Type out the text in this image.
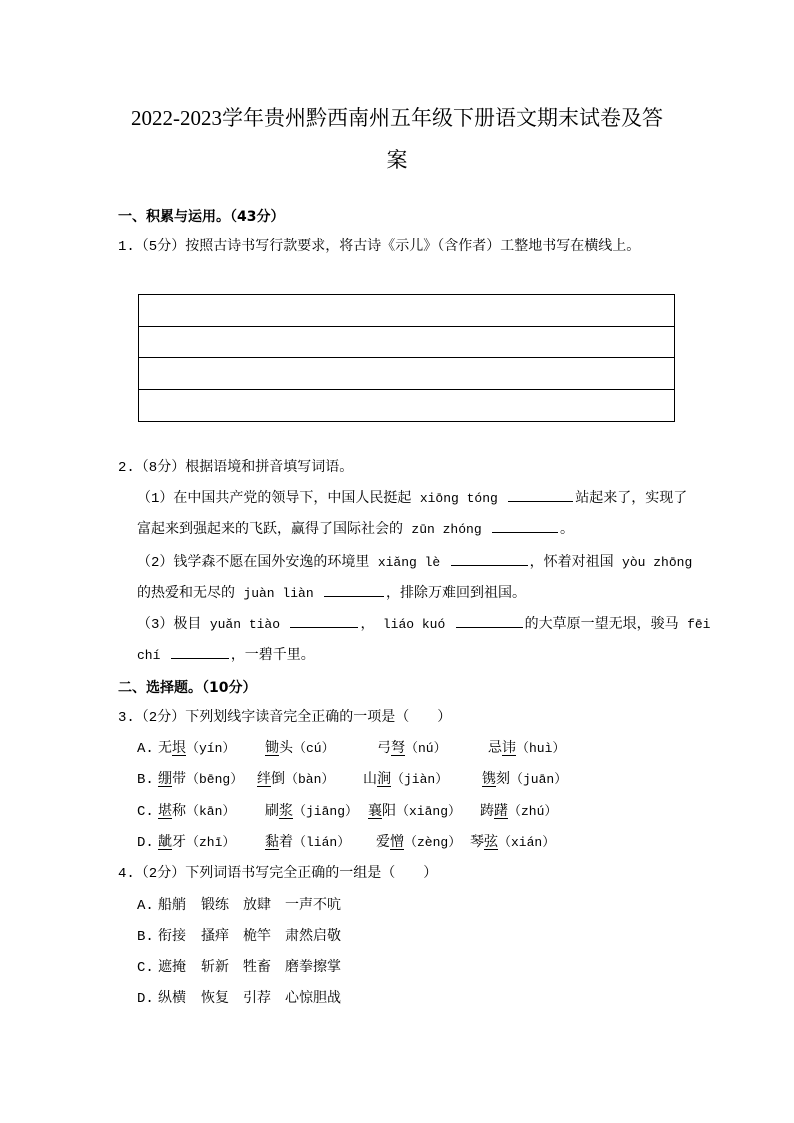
2022-2023学年贵州黔西南州五年级下册语文期末试卷及答
案
一、积累与运用。（43分）
1.（5分）按照古诗书写行款要求，将古诗《示儿》（含作者）工整地书写在横线上。
2.（8分）根据语境和拼音填写词语。
（1）在中国共产党的领导下，中国人民挺起 xiōng tóng	站起来了，实现了
富起来到强起来的飞跃，赢得了国际社会的 zūn zhóng	。
（2）钱学森不愿在国外安逸的环境里 xiǎng lè	，怀着对祖国 yòu zhōng
的热爱和无尽的 juàn liàn	，排除万难回到祖国。
（3）极目 yuǎn tiào	， liáo kuó	的大草原一望无垠，骏马 fēi
chí	，一碧千里。
二、选择题。（10分）
3.（2分）下列划线字读音完全正确的一项是（　　）
A. 无垠（yín） 锄头（cú）	弓弩（nú）	忌讳（huì）
B. 绷带（bēng） 绊倒（bàn） 山涧（jiàn） 镌刻（juān）
C. 堪称（kān） 刷浆（jiāng） 襄阳（xiāng） 踌躇（zhú）
D. 龇牙（zhī） 黏着（lián） 爱憎（zèng） 琴弦（xián）
4.（2分）下列词语书写完全正确的一组是（　　）
A. 船艄 锻练 放肆 一声不吭
B. 衔接 搔痒 桅竿 肃然启敬
C. 遮掩 斩新 牲畜 磨拳擦掌
D. 纵横 恢复 引荐 心惊胆战
